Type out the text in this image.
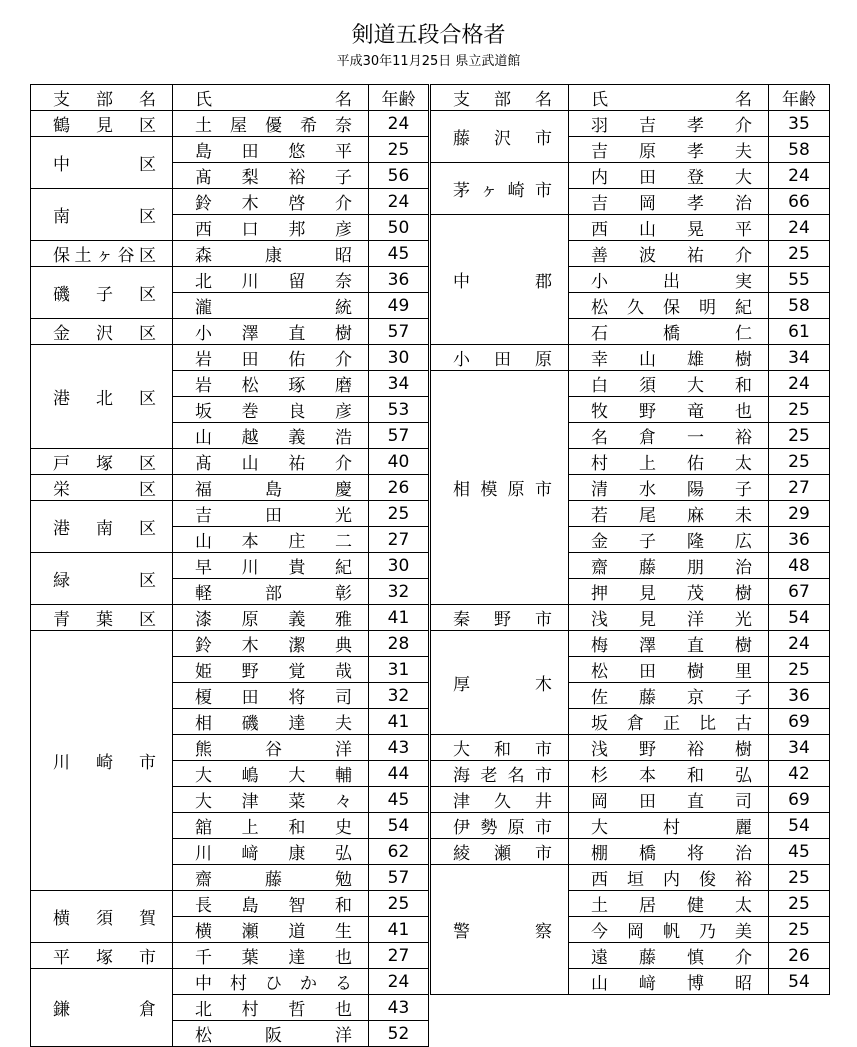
剣道五段合格者
平成30年11月25日 県立武道館
支 部 名	氏 名	年齢
鶴 見 区	土 屋 優 希 奈	24
中 区	島 田 悠 平	25
	髙 梨 裕 子	56
南 区	鈴 木 啓 介	24
	西 口 邦 彦	50
保土ヶ谷区	森 康 昭	45
磯 子 区	北 川 留 奈	36
	瀧 統	49
金 沢 区	小 澤 直 樹	57
港 北 区	岩 田 佑 介	30
	岩 松 琢 磨	34
	坂 巻 良 彦	53
	山 越 義 浩	57
戸 塚 区	髙 山 祐 介	40
栄 区	福 島 慶	26
港 南 区	吉 田 光	25
	山 本 庄 二	27
緑 区	早 川 貴 紀	30
	軽 部 彰	32
青 葉 区	漆 原 義 雅	41
川 崎 市	鈴 木 潔 典	28
	姫 野 覚 哉	31
	榎 田 将 司	32
	相 磯 達 夫	41
	熊 谷 洋	43
	大 嶋 大 輔	44
	大 津 菜 々	45
	舘 上 和 史	54
	川 﨑 康 弘	62
	齋 藤 勉	57
横 須 賀	長 島 智 和	25
	横 瀬 道 生	41
平 塚 市	千 葉 達 也	27
鎌 倉	中 村 ひ か る	24
	北 村 哲 也	43
	松 阪 洋	52
支 部 名	氏 名	年齢
藤 沢 市	羽 吉 孝 介	35
	吉 原 孝 夫	58
茅ヶ崎市	内 田 登 大	24
	吉 岡 孝 治	66
中 郡	西 山 晃 平	24
	善 波 祐 介	25
	小 出 実	55
	松 久 保 明 紀	58
	石 橋 仁	61
小 田 原	幸 山 雄 樹	34
相 模 原 市	白 須 大 和	24
	牧 野 竜 也	25
	名 倉 一 裕	25
	村 上 佑 太	25
	清 水 陽 子	27
	若 尾 麻 未	29
	金 子 隆 広	36
	齋 藤 朋 治	48
	押 見 茂 樹	67
秦 野 市	浅 見 洋 光	54
厚 木	梅 澤 直 樹	24
	松 田 樹 里	25
	佐 藤 京 子	36
	坂 倉 正 比 古	69
大 和 市	浅 野 裕 樹	34
海老名市	杉 本 和 弘	42
津 久 井	岡 田 直 司	69
伊勢原市	大 村 麗	54
綾 瀬 市	棚 橋 将 治	45
警 察	西 垣 内 俊 裕	25
	土 居 健 太	25
	今 岡 帆 乃 美	25
	遠 藤 慎 介	26
	山 﨑 博 昭	54
